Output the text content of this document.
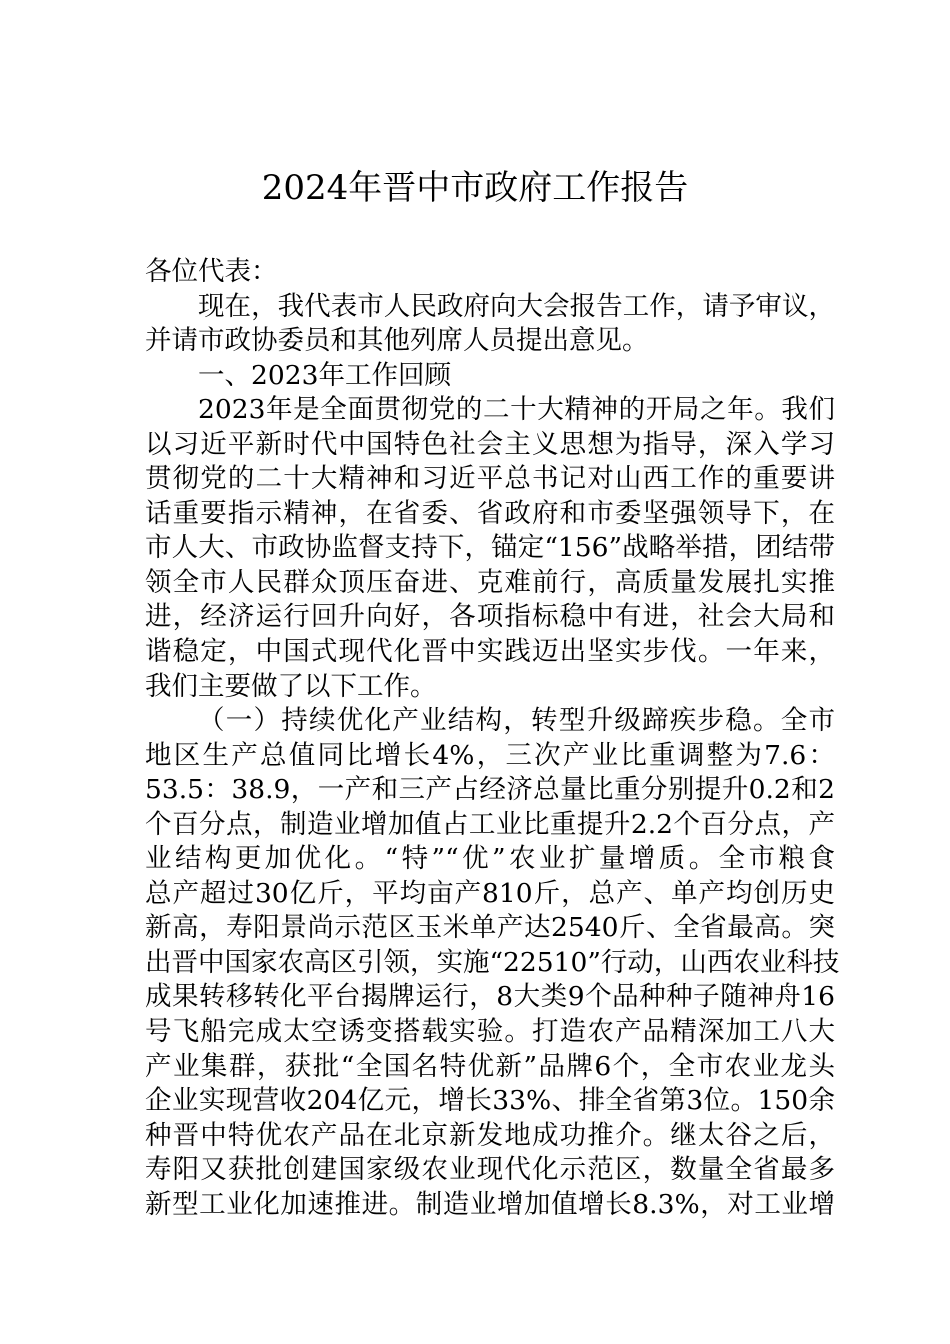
2024年晋中市政府工作报告
各位代表：
现在，我代表市人民政府向大会报告工作，请予审议，
并请市政协委员和其他列席人员提出意见。
一、2023年工作回顾
2023年是全面贯彻党的二十大精神的开局之年。我们
以习近平新时代中国特色社会主义思想为指导，深入学习
贯彻党的二十大精神和习近平总书记对山西工作的重要讲
话重要指示精神，在省委、省政府和市委坚强领导下，在
市人大、市政协监督支持下，锚定“156”战略举措，团结带
领全市人民群众顶压奋进、克难前行，高质量发展扎实推
进，经济运行回升向好，各项指标稳中有进，社会大局和
谐稳定，中国式现代化晋中实践迈出坚实步伐。一年来，
我们主要做了以下工作。
（一）持续优化产业结构，转型升级蹄疾步稳。全市
地区生产总值同比增长4%，三次产业比重调整为7.6：
53.5：38.9，一产和三产占经济总量比重分别提升0.2和2
个百分点，制造业增加值占工业比重提升2.2个百分点，产
业结构更加优化。“特”“优”农业扩量增质。全市粮食
总产超过30亿斤，平均亩产810斤，总产、单产均创历史
新高，寿阳景尚示范区玉米单产达2540斤、全省最高。突
出晋中国家农高区引领，实施“22510”行动，山西农业科技
成果转移转化平台揭牌运行，8大类9个品种种子随神舟16
号飞船完成太空诱变搭载实验。打造农产品精深加工八大
产业集群，获批“全国名特优新”品牌6个，全市农业龙头
企业实现营收204亿元，增长33%、排全省第3位。150余
种晋中特优农产品在北京新发地成功推介。继太谷之后，
寿阳又获批创建国家级农业现代化示范区，数量全省最多
新型工业化加速推进。制造业增加值增长8.3%，对工业增
